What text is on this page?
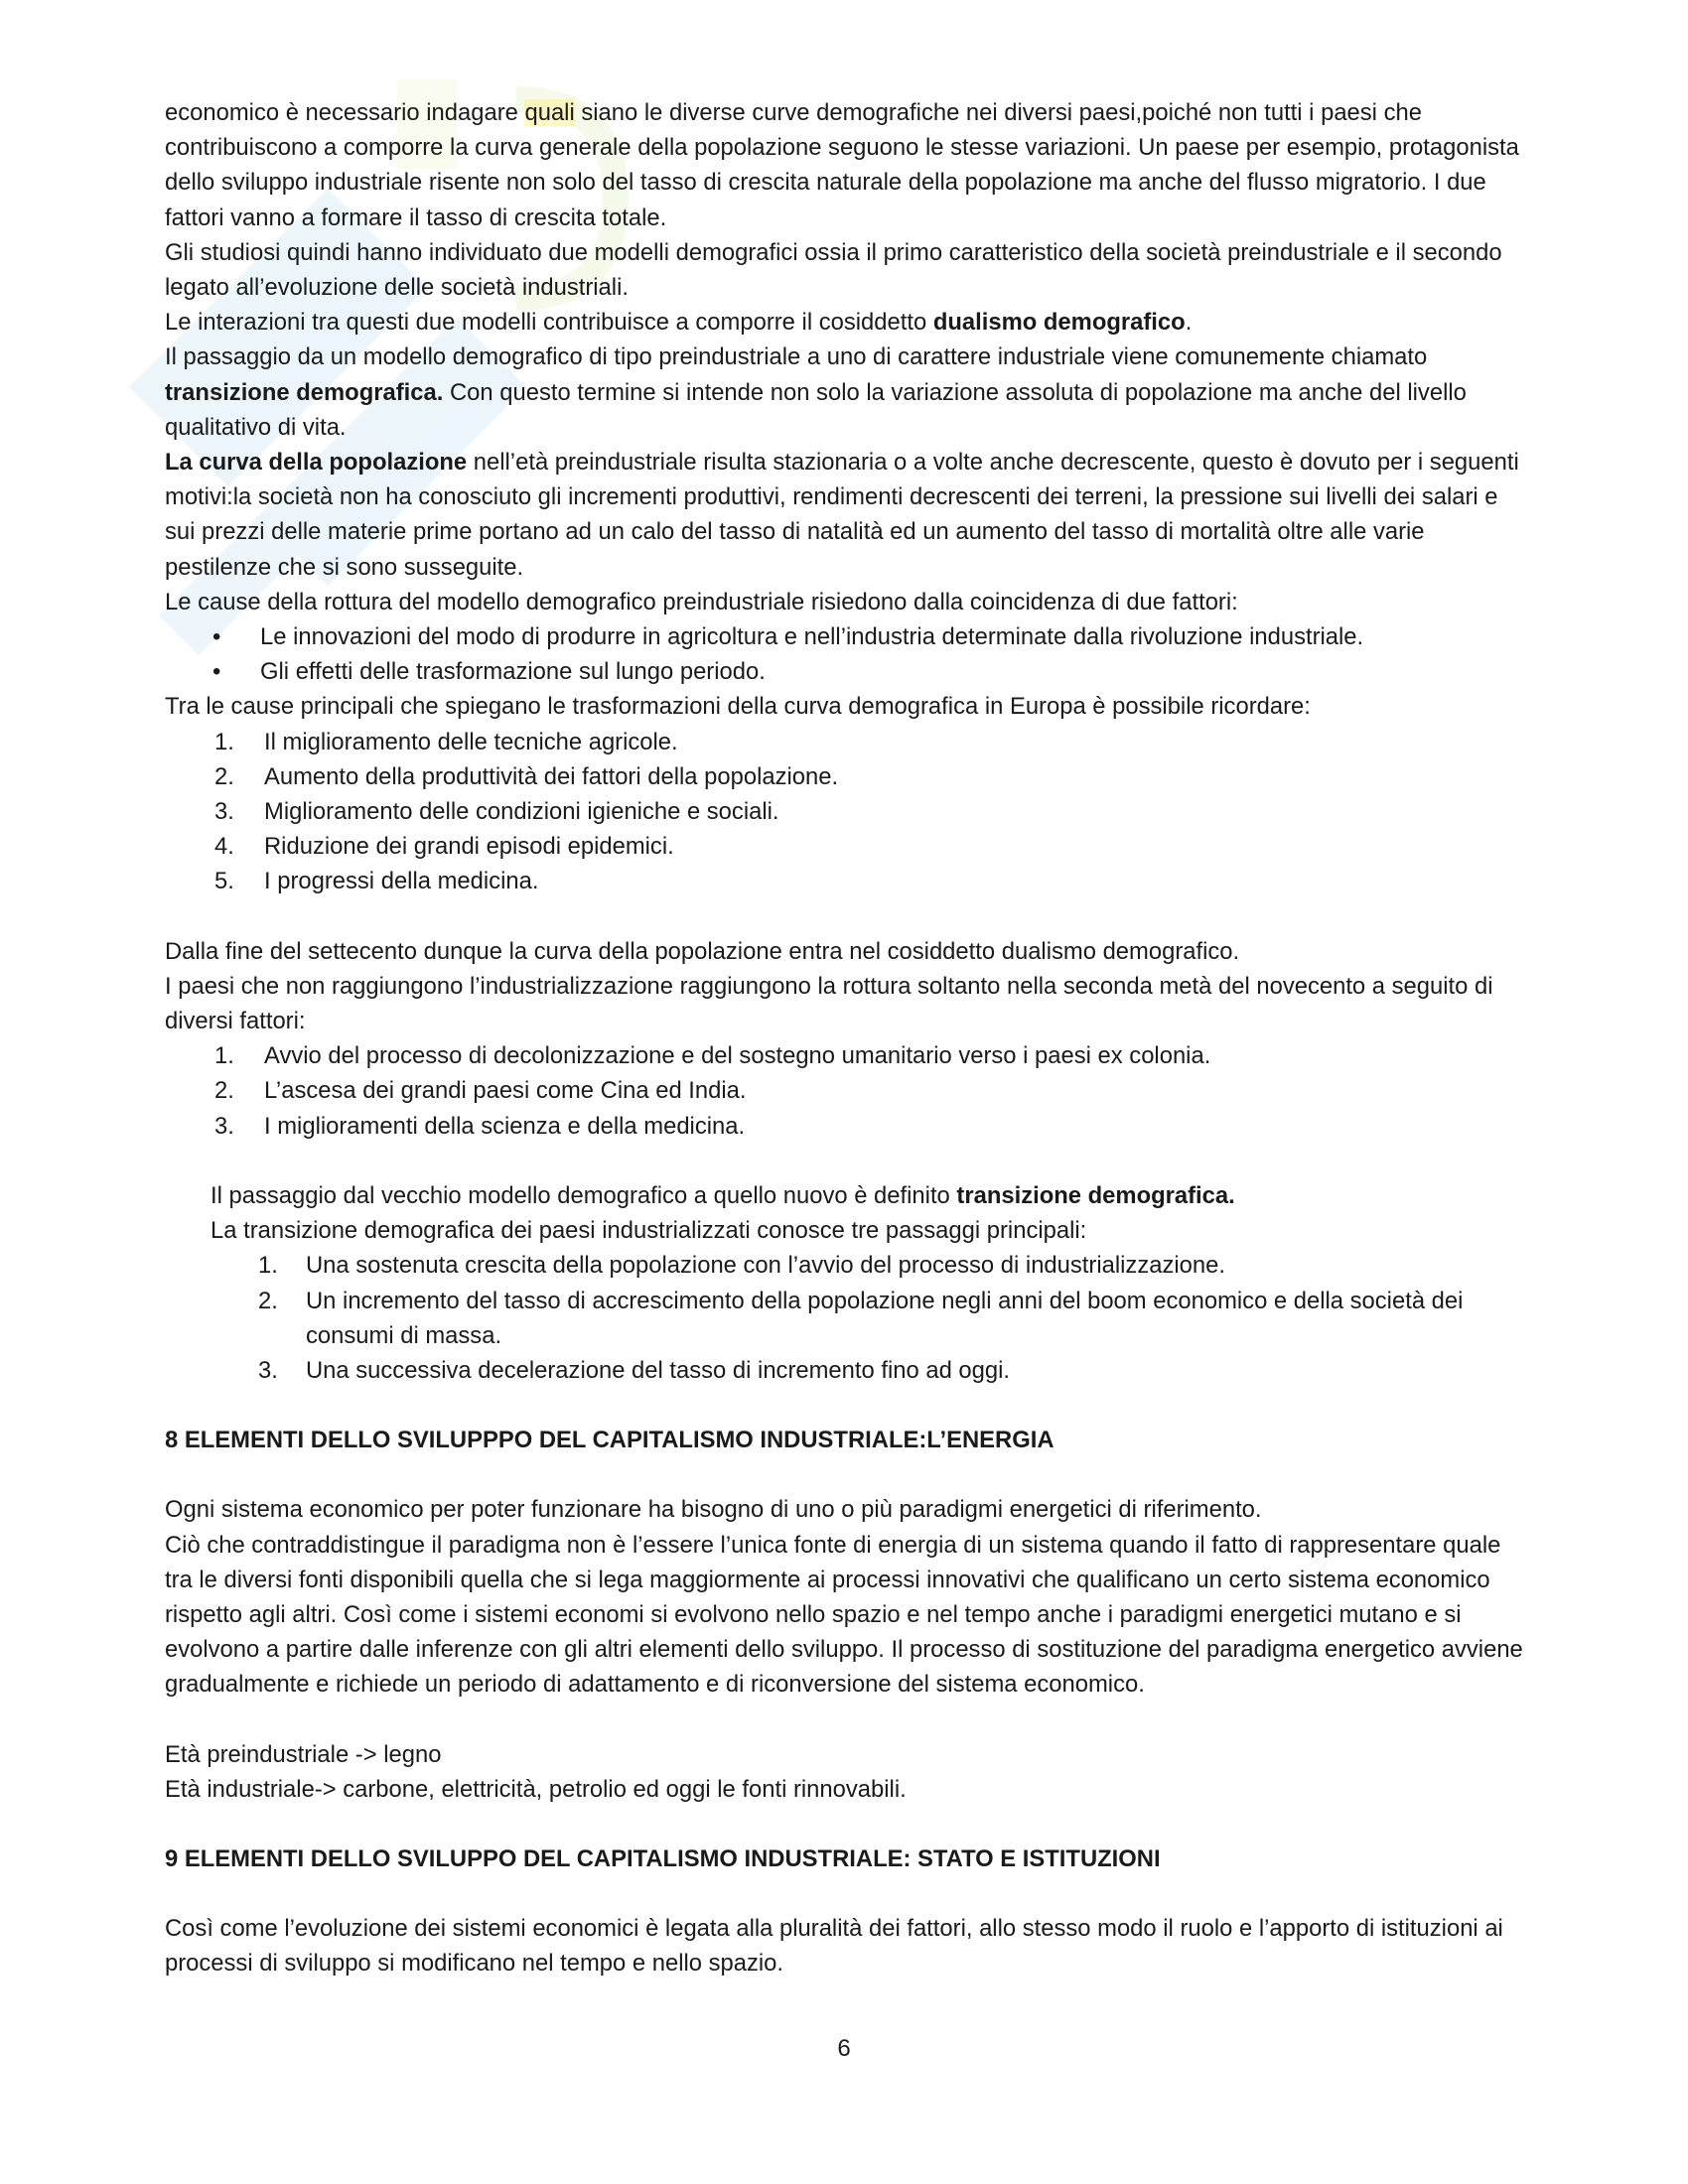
economico è necessario indagare quali siano le diverse curve demografiche nei diversi paesi,poiché non tutti i paesi che contribuiscono a comporre la curva generale della popolazione seguono le stesse variazioni. Un paese per esempio, protagonista dello sviluppo industriale risente non solo del tasso di crescita naturale della popolazione ma anche del flusso migratorio. I due fattori vanno a formare il tasso di crescita totale.

Gli studiosi quindi hanno individuato due modelli demografici ossia il primo caratteristico della società preindustriale e il secondo legato all’evoluzione delle società industriali.

Le interazioni tra questi due modelli contribuisce a comporre il cosiddetto dualismo demografico.

Il passaggio da un modello demografico di tipo preindustriale a uno di carattere industriale viene comunemente chiamato transizione demografica. Con questo termine si intende non solo la variazione assoluta di popolazione ma anche del livello qualitativo di vita.

La curva della popolazione nell’età preindustriale risulta stazionaria o a volte anche decrescente, questo è dovuto per i seguenti motivi:la società non ha conosciuto gli incrementi produttivi, rendimenti decrescenti dei terreni, la pressione sui livelli dei salari e sui prezzi delle materie prime portano ad un calo del tasso di natalità ed un aumento del tasso di mortalità oltre alle varie pestilenze che si sono susseguite.

Le cause della rottura del modello demografico preindustriale risiedono dalla coincidenza di due fattori:

• Le innovazioni del modo di produrre in agricoltura e nell’industria determinate dalla rivoluzione industriale.
• Gli effetti delle trasformazione sul lungo periodo.

Tra le cause principali che spiegano le trasformazioni della curva demografica in Europa è possibile ricordare:

1. Il miglioramento delle tecniche agricole.
2. Aumento della produttività dei fattori della popolazione.
3. Miglioramento delle condizioni igieniche e sociali.
4. Riduzione dei grandi episodi epidemici.
5. I progressi della medicina.

Dalla fine del settecento dunque la curva della popolazione entra nel cosiddetto dualismo demografico.

I paesi che non raggiungono l’industrializzazione raggiungono la rottura soltanto nella seconda metà del novecento a seguito di diversi fattori:

1. Avvio del processo di decolonizzazione e del sostegno umanitario verso i paesi ex colonia.
2. L’ascesa dei grandi paesi come Cina ed India.
3. I miglioramenti della scienza e della medicina.

Il passaggio dal vecchio modello demografico a quello nuovo è definito transizione demografica.

La transizione demografica dei paesi industrializzati conosce tre passaggi principali:

1. Una sostenuta crescita della popolazione con l’avvio del processo di industrializzazione.
2. Un incremento del tasso di accrescimento della popolazione negli anni del boom economico e della società dei consumi di massa.
3. Una successiva decelerazione del tasso di incremento fino ad oggi.

8 ELEMENTI DELLO SVILUPPPO DEL CAPITALISMO INDUSTRIALE:L’ENERGIA

Ogni sistema economico per poter funzionare ha bisogno di uno o più paradigmi energetici di riferimento.

Ciò che contraddistingue il paradigma non è l’essere l’unica fonte di energia di un sistema quando il fatto di rappresentare quale tra le diversi fonti disponibili quella che si lega maggiormente ai processi innovativi che qualificano un certo sistema economico rispetto agli altri. Così come i sistemi economi si evolvono nello spazio e nel tempo anche i paradigmi energetici mutano e si evolvono a partire dalle inferenze con gli altri elementi dello sviluppo. Il processo di sostituzione del paradigma energetico avviene gradualmente e richiede un periodo di adattamento e di riconversione del sistema economico.

Età preindustriale -> legno

Età industriale-> carbone, elettricità, petrolio ed oggi le fonti rinnovabili.

9 ELEMENTI DELLO SVILUPPO DEL CAPITALISMO INDUSTRIALE: STATO E ISTITUZIONI

Così come l’evoluzione dei sistemi economici è legata alla pluralità dei fattori, allo stesso modo il ruolo e l’apporto di istituzioni ai processi di sviluppo si modificano nel tempo e nello spazio.

6
